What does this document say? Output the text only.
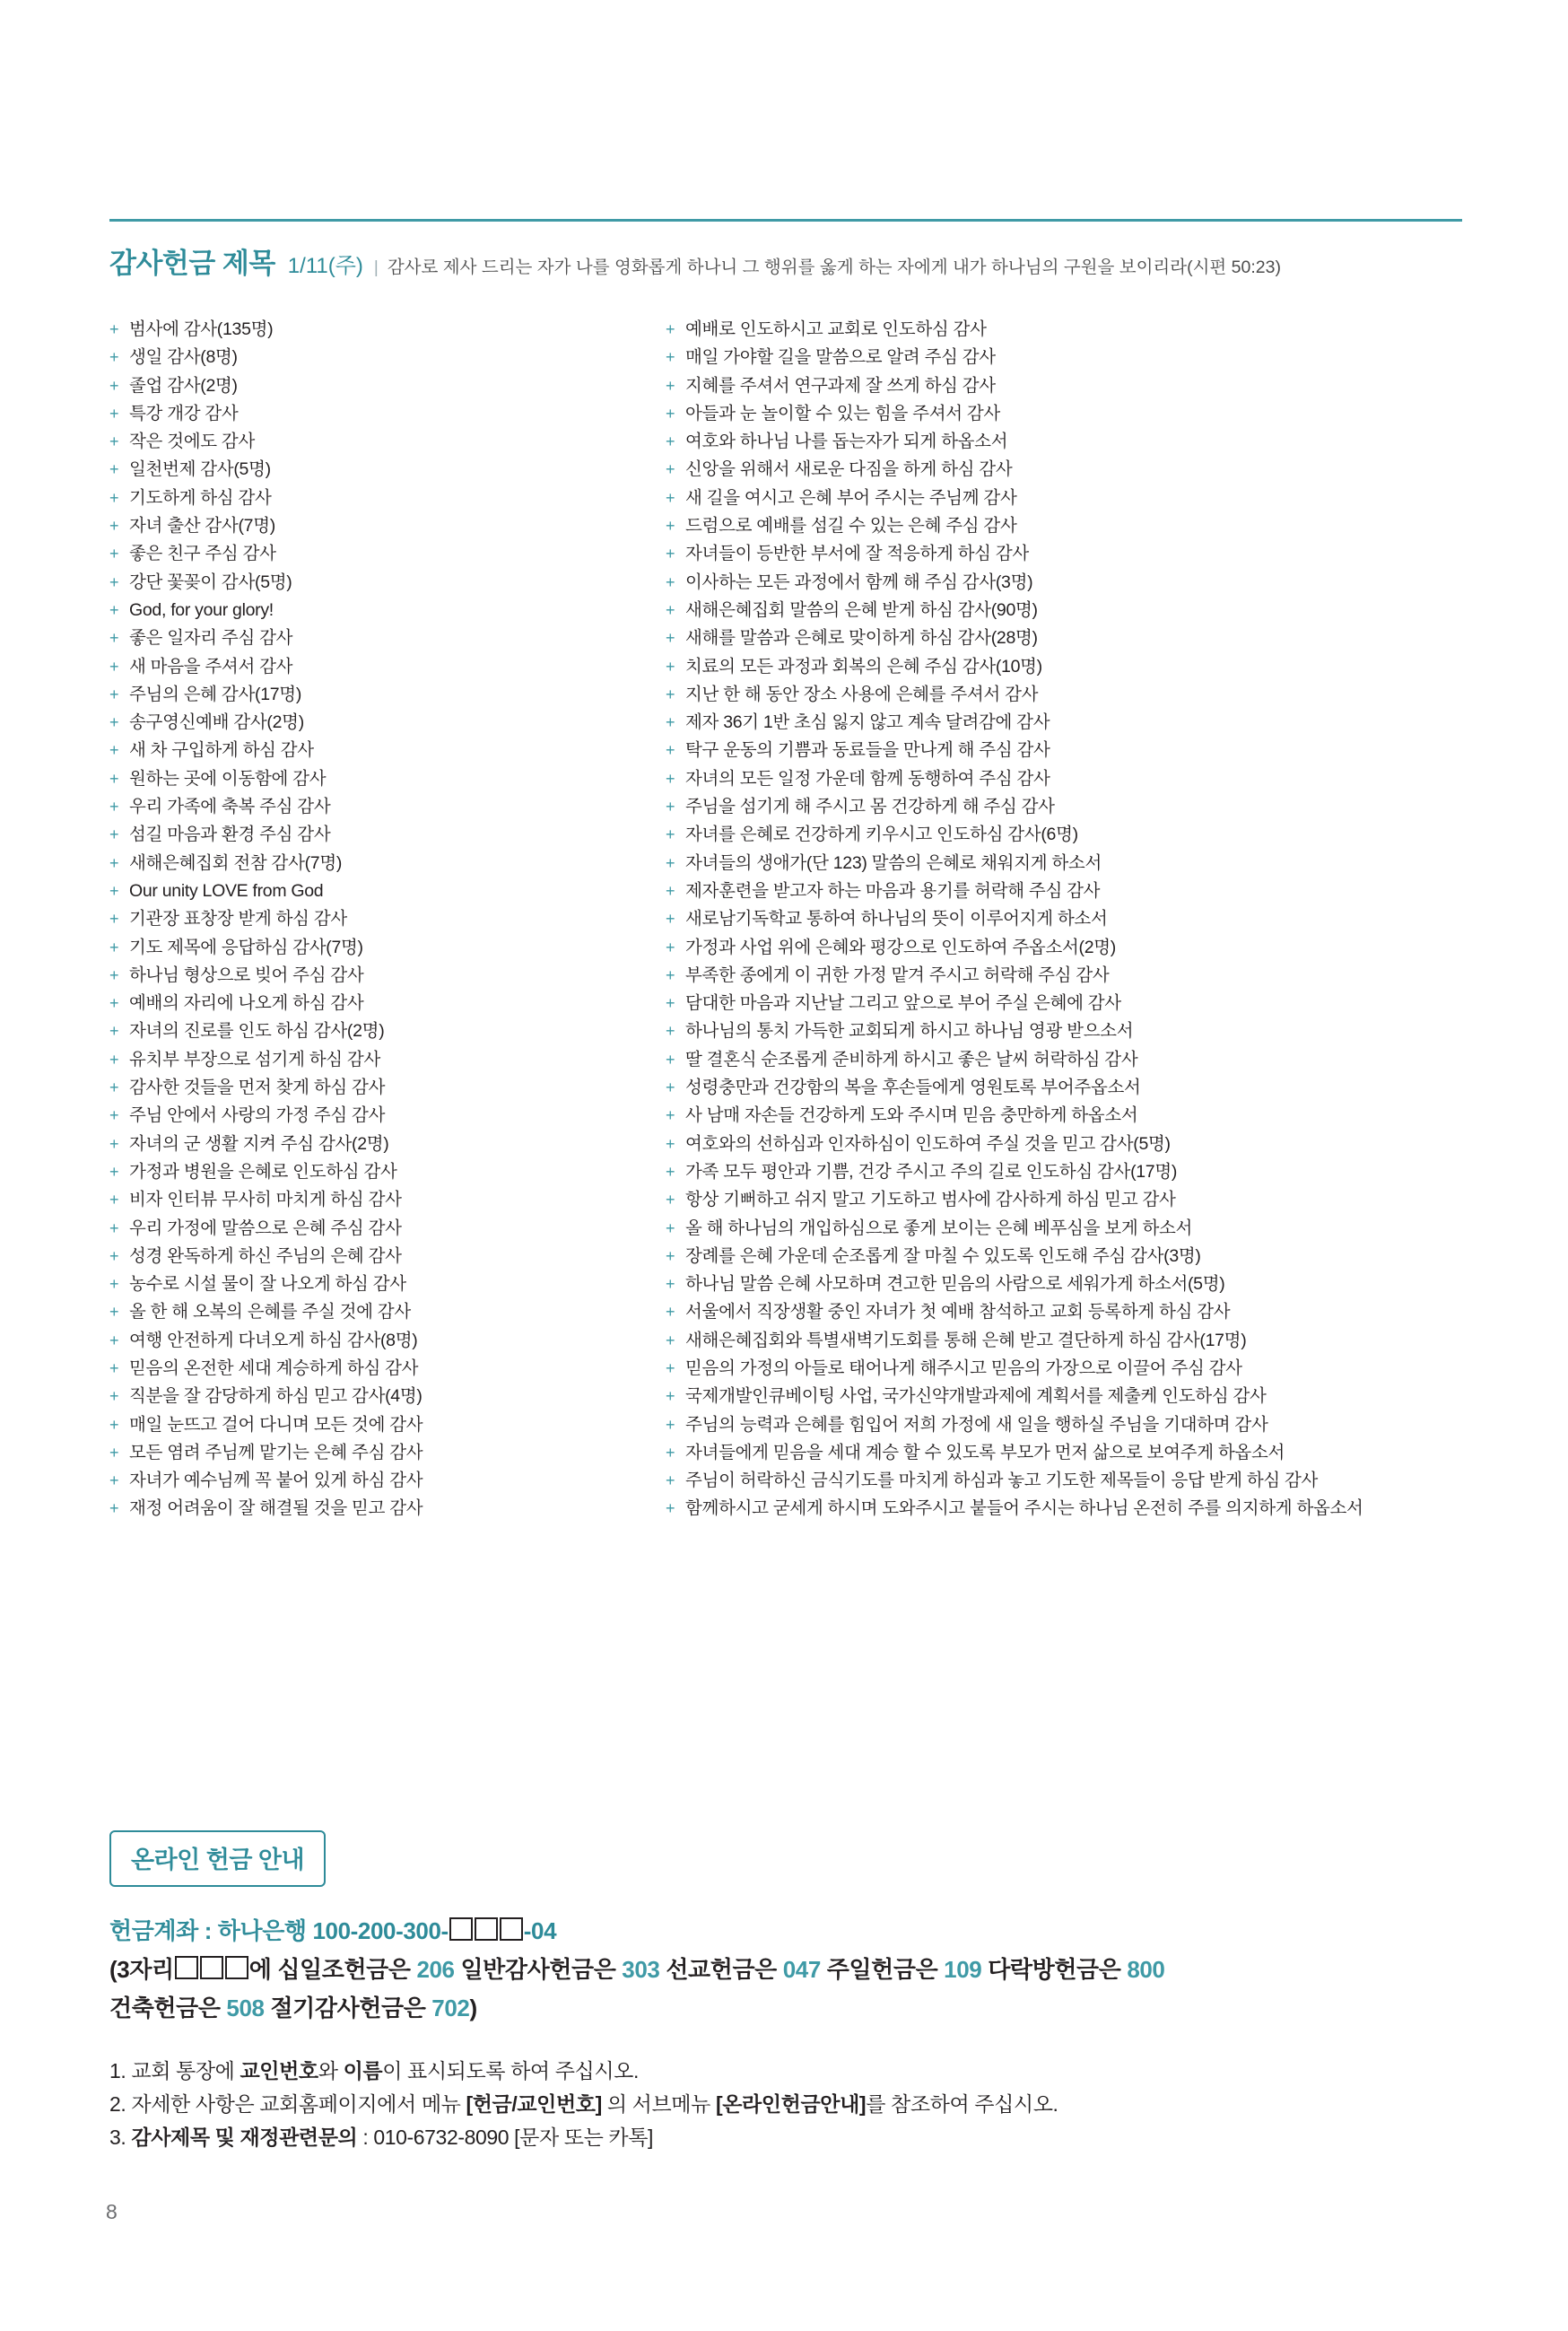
감사헌금 제목 1/11(주) | 감사로 제사 드리는 자가 나를 영화롭게 하나니 그 행위를 옳게 하는 자에게 내가 하나님의 구원을 보이리라(시편 50:23)
+ 범사에 감사(135명)
+ 생일 감사(8명)
+ 졸업 감사(2명)
+ 특강 개강 감사
+ 작은 것에도 감사
+ 일천번제 감사(5명)
+ 기도하게 하심 감사
+ 자녀 출산 감사(7명)
+ 좋은 친구 주심 감사
+ 강단 꽃꽂이 감사(5명)
+ God, for your glory!
+ 좋은 일자리 주심 감사
+ 새 마음을 주셔서 감사
+ 주님의 은혜 감사(17명)
+ 송구영신예배 감사(2명)
+ 새 차 구입하게 하심 감사
+ 원하는 곳에 이동함에 감사
+ 우리 가족에 축복 주심 감사
+ 섬길 마음과 환경 주심 감사
+ 새해은혜집회 전참 감사(7명)
+ Our unity LOVE from God
+ 기관장 표창장 받게 하심 감사
+ 기도 제목에 응답하심 감사(7명)
+ 하나님 형상으로 빚어 주심 감사
+ 예배의 자리에 나오게 하심 감사
+ 자녀의 진로를 인도 하심 감사(2명)
+ 유치부 부장으로 섬기게 하심 감사
+ 감사한 것들을 먼저 찾게 하심 감사
+ 주님 안에서 사랑의 가정 주심 감사
+ 자녀의 군 생활 지켜 주심 감사(2명)
+ 가정과 병원을 은혜로 인도하심 감사
+ 비자 인터뷰 무사히 마치게 하심 감사
+ 우리 가정에 말씀으로 은혜 주심 감사
+ 성경 완독하게 하신 주님의 은혜 감사
+ 농수로 시설 물이 잘 나오게 하심 감사
+ 올 한 해 오복의 은혜를 주실 것에 감사
+ 여행 안전하게 다녀오게 하심 감사(8명)
+ 믿음의 온전한 세대 계승하게 하심 감사
+ 직분을 잘 감당하게 하심 믿고 감사(4명)
+ 매일 눈뜨고 걸어 다니며 모든 것에 감사
+ 모든 염려 주님께 맡기는 은혜 주심 감사
+ 자녀가 예수님께 꼭 붙어 있게 하심 감사
+ 재정 어려움이 잘 해결될 것을 믿고 감사
+ 예배로 인도하시고 교회로 인도하심 감사
+ 매일 가야할 길을 말씀으로 알려 주심 감사
+ 지혜를 주셔서 연구과제 잘 쓰게 하심 감사
+ 아들과 눈 놀이할 수 있는 힘을 주셔서 감사
+ 여호와 하나님 나를 돕는자가 되게 하옵소서
+ 신앙을 위해서 새로운 다짐을 하게 하심 감사
+ 새 길을 여시고 은혜 부어 주시는 주님께 감사
+ 드럼으로 예배를 섬길 수 있는 은혜 주심 감사
+ 자녀들이 등반한 부서에 잘 적응하게 하심 감사
+ 이사하는 모든 과정에서 함께 해 주심 감사(3명)
+ 새해은혜집회 말씀의 은혜 받게 하심 감사(90명)
+ 새해를 말씀과 은혜로 맞이하게 하심 감사(28명)
+ 치료의 모든 과정과 회복의 은혜 주심 감사(10명)
+ 지난 한 해 동안 장소 사용에 은혜를 주셔서 감사
+ 제자 36기 1반 초심 잃지 않고 계속 달려감에 감사
+ 탁구 운동의 기쁨과 동료들을 만나게 해 주심 감사
+ 자녀의 모든 일정 가운데 함께 동행하여 주심 감사
+ 주님을 섬기게 해 주시고 몸 건강하게 해 주심 감사
+ 자녀를 은혜로 건강하게 키우시고 인도하심 감사(6명)
+ 자녀들의 생애가(단 123) 말씀의 은혜로 채워지게 하소서
+ 제자훈련을 받고자 하는 마음과 용기를 허락해 주심 감사
+ 새로남기독학교 통하여 하나님의 뜻이 이루어지게 하소서
+ 가정과 사업 위에 은혜와 평강으로 인도하여 주옵소서(2명)
+ 부족한 종에게 이 귀한 가정 맡겨 주시고 허락해 주심 감사
+ 담대한 마음과 지난날 그리고 앞으로 부어 주실 은혜에 감사
+ 하나님의 통치 가득한 교회되게 하시고 하나님 영광 받으소서
+ 딸 결혼식 순조롭게 준비하게 하시고 좋은 날씨 허락하심 감사
+ 성령충만과 건강함의 복을 후손들에게 영원토록 부어주옵소서
+ 사 남매 자손들 건강하게 도와 주시며 믿음 충만하게 하옵소서
+ 여호와의 선하심과 인자하심이 인도하여 주실 것을 믿고 감사(5명)
+ 가족 모두 평안과 기쁨, 건강 주시고 주의 길로 인도하심 감사(17명)
+ 항상 기뻐하고 쉬지 말고 기도하고 범사에 감사하게 하심 믿고 감사
+ 올 해 하나님의 개입하심으로 좋게 보이는 은혜 베푸심을 보게 하소서
+ 장례를 은혜 가운데 순조롭게 잘 마칠 수 있도록 인도해 주심 감사(3명)
+ 하나님 말씀 은혜 사모하며 견고한 믿음의 사람으로 세워가게 하소서(5명)
+ 서울에서 직장생활 중인 자녀가 첫 예배 참석하고 교회 등록하게 하심 감사
+ 새해은혜집회와 특별새벽기도회를 통해 은혜 받고 결단하게 하심 감사(17명)
+ 믿음의 가정의 아들로 태어나게 해주시고 믿음의 가장으로 이끌어 주심 감사
+ 국제개발인큐베이팅 사업, 국가신약개발과제에 계획서를 제출케 인도하심 감사
+ 주님의 능력과 은혜를 힘입어 저희 가정에 새 일을 행하실 주님을 기대하며 감사
+ 자녀들에게 믿음을 세대 계승 할 수 있도록 부모가 먼저 삶으로 보여주게 하옵소서
+ 주님이 허락하신 금식기도를 마치게 하심과 놓고 기도한 제목들이 응답 받게 하심 감사
+ 함께하시고 굳세게 하시며 도와주시고 붙들어 주시는 하나님 온전히 주를 의지하게 하옵소서
온라인 헌금 안내
헌금계좌 : 하나은행 100-200-300-	-04
(3자리	에 십일조헌금은 206 일반감사헌금은 303 선교헌금은 047 주일헌금은 109 다락방헌금은 800
건축헌금은 508 절기감사헌금은 702)
1. 교회 통장에 교인번호와 이름이 표시되도록 하여 주십시오.
2. 자세한 사항은 교회홈페이지에서 메뉴 [헌금/교인번호] 의 서브메뉴 [온라인헌금안내]를 참조하여 주십시오.
3. 감사제목 및 재정관련문의 : 010-6732-8090 [문자 또는 카톡]
8
